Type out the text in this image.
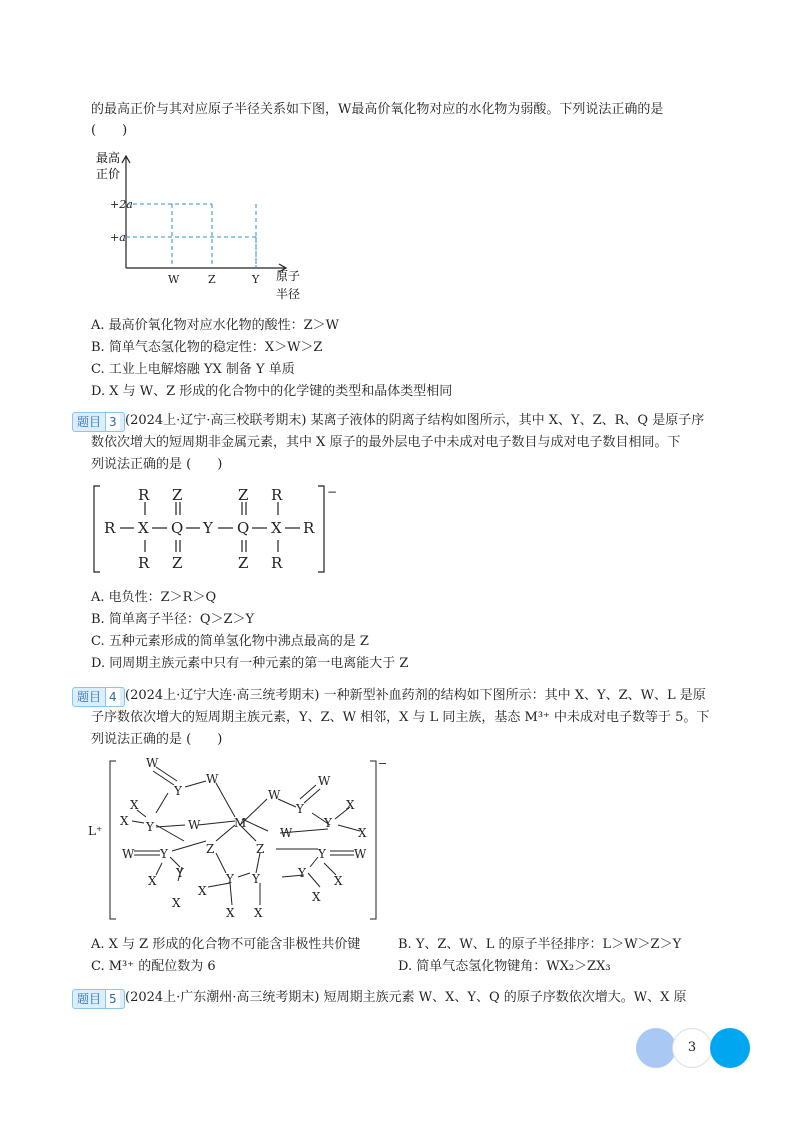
的最高正价与其对应原子半径关系如下图，W最高价氧化物对应的水化物为弱酸。下列说法正确的是
(　　)
+2a
+a
W	Z	Y
最高
正价
原子
半径
A. 最高价氧化物对应水化物的酸性：Z＞W
B. 简单气态氢化物的稳定性：X＞W＞Z
C. 工业上电解熔融 YX 制备 Y 单质
D. X 与 W、Z 形成的化合物中的化学键的类型和晶体类型相同
题目 3 (2024上·辽宁·高三校联考期末) 某离子液体的阴离子结构如图所示，其中 X、Y、Z、R、Q 是原子序
数依次增大的短周期非金属元素，其中 X 原子的最外层电子中未成对电子数目与成对电子数目相同。下
列说法正确的是 (　　)
R
R
R
X
Z
Q
Z
Y
Z
Q
Z
R
X
R
R
−
A. 电负性：Z＞R＞Q
B. 简单离子半径：Q＞Z＞Y
C. 五种元素形成的简单氢化物中沸点最高的是 Z
D. 同周期主族元素中只有一种元素的第一电离能大于 Z
题目 4 (2024上·辽宁大连·高三统考期末) 一种新型补血药剂的结构如下图所示：其中 X、Y、Z、W、L 是原
子序数依次增大的短周期主族元素，Y、Z、W 相邻，X 与 L 同主族，基态 M³⁺ 中未成对电子数等于 5。下
列说法正确的是 (　　)
L⁺
W
Y
W
X
X Y	W	M
W Y	Z
Y
X
X
Y Y
X
X X
W
Y
W
W
Y
X
X
Z	Y W
Y
X
X
−
A. X 与 Z 形成的化合物不可能含非极性共价键	B. Y、Z、W、L 的原子半径排序：L＞W＞Z＞Y
C. M³⁺ 的配位数为 6	D. 简单气态氢化物键角：WX₂＞ZX₃
题目 5 (2024上·广东潮州·高三统考期末) 短周期主族元素 W、X、Y、Q 的原子序数依次增大。W、X 原
3
